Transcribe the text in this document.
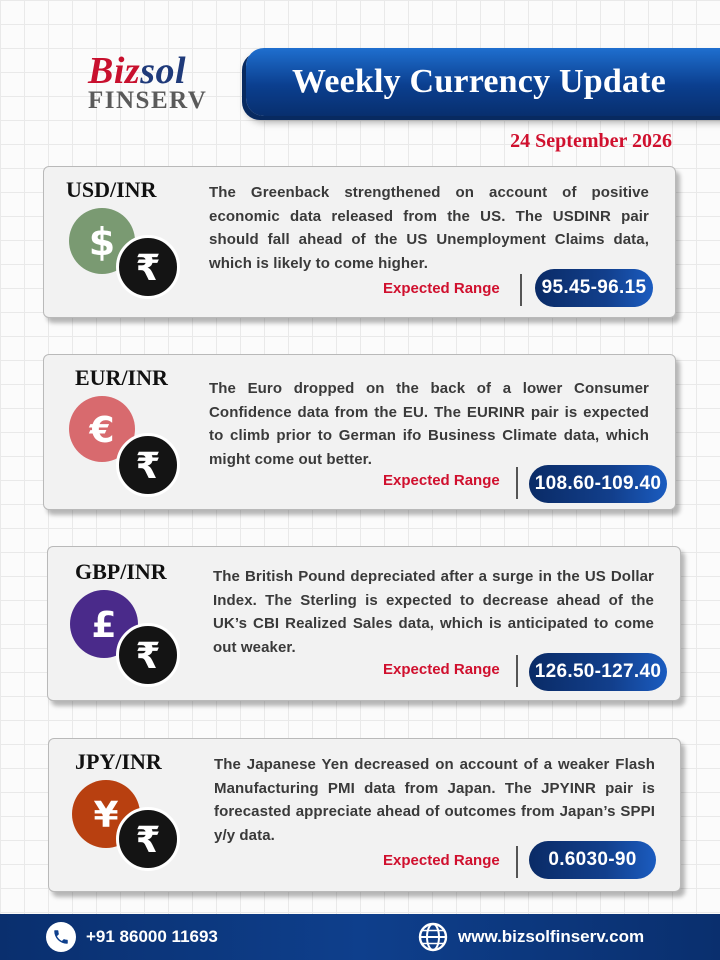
Bizsol
FINSERV
Weekly Currency Update
24 September 2026
USD/INR
$
₹
The Greenback strengthened on account of positive economic data released from the US. The USDINR pair should fall ahead of the US Unemployment Claims data, which is likely to come higher.
Expected Range	95.45-96.15
EUR/INR
€
₹
The Euro dropped on the back of a lower Consumer Confidence data from the EU. The EURINR pair is expected to climb prior to German ifo Business Climate data, which might come out better.
Expected Range	108.60-109.40
GBP/INR
£
₹
The British Pound depreciated after a surge in the US Dollar Index. The Sterling is expected to decrease ahead of the UK’s CBI Realized Sales data, which is anticipated to come out weaker.
Expected Range	126.50-127.40
JPY/INR
¥
₹
The Japanese Yen decreased on account of a weaker Flash Manufacturing PMI data from Japan. The JPYINR pair is forecasted appreciate ahead of outcomes from Japan’s SPPI y/y data.
Expected Range	0.6030-90
+91 86000 11693	www.bizsolfinserv.com
